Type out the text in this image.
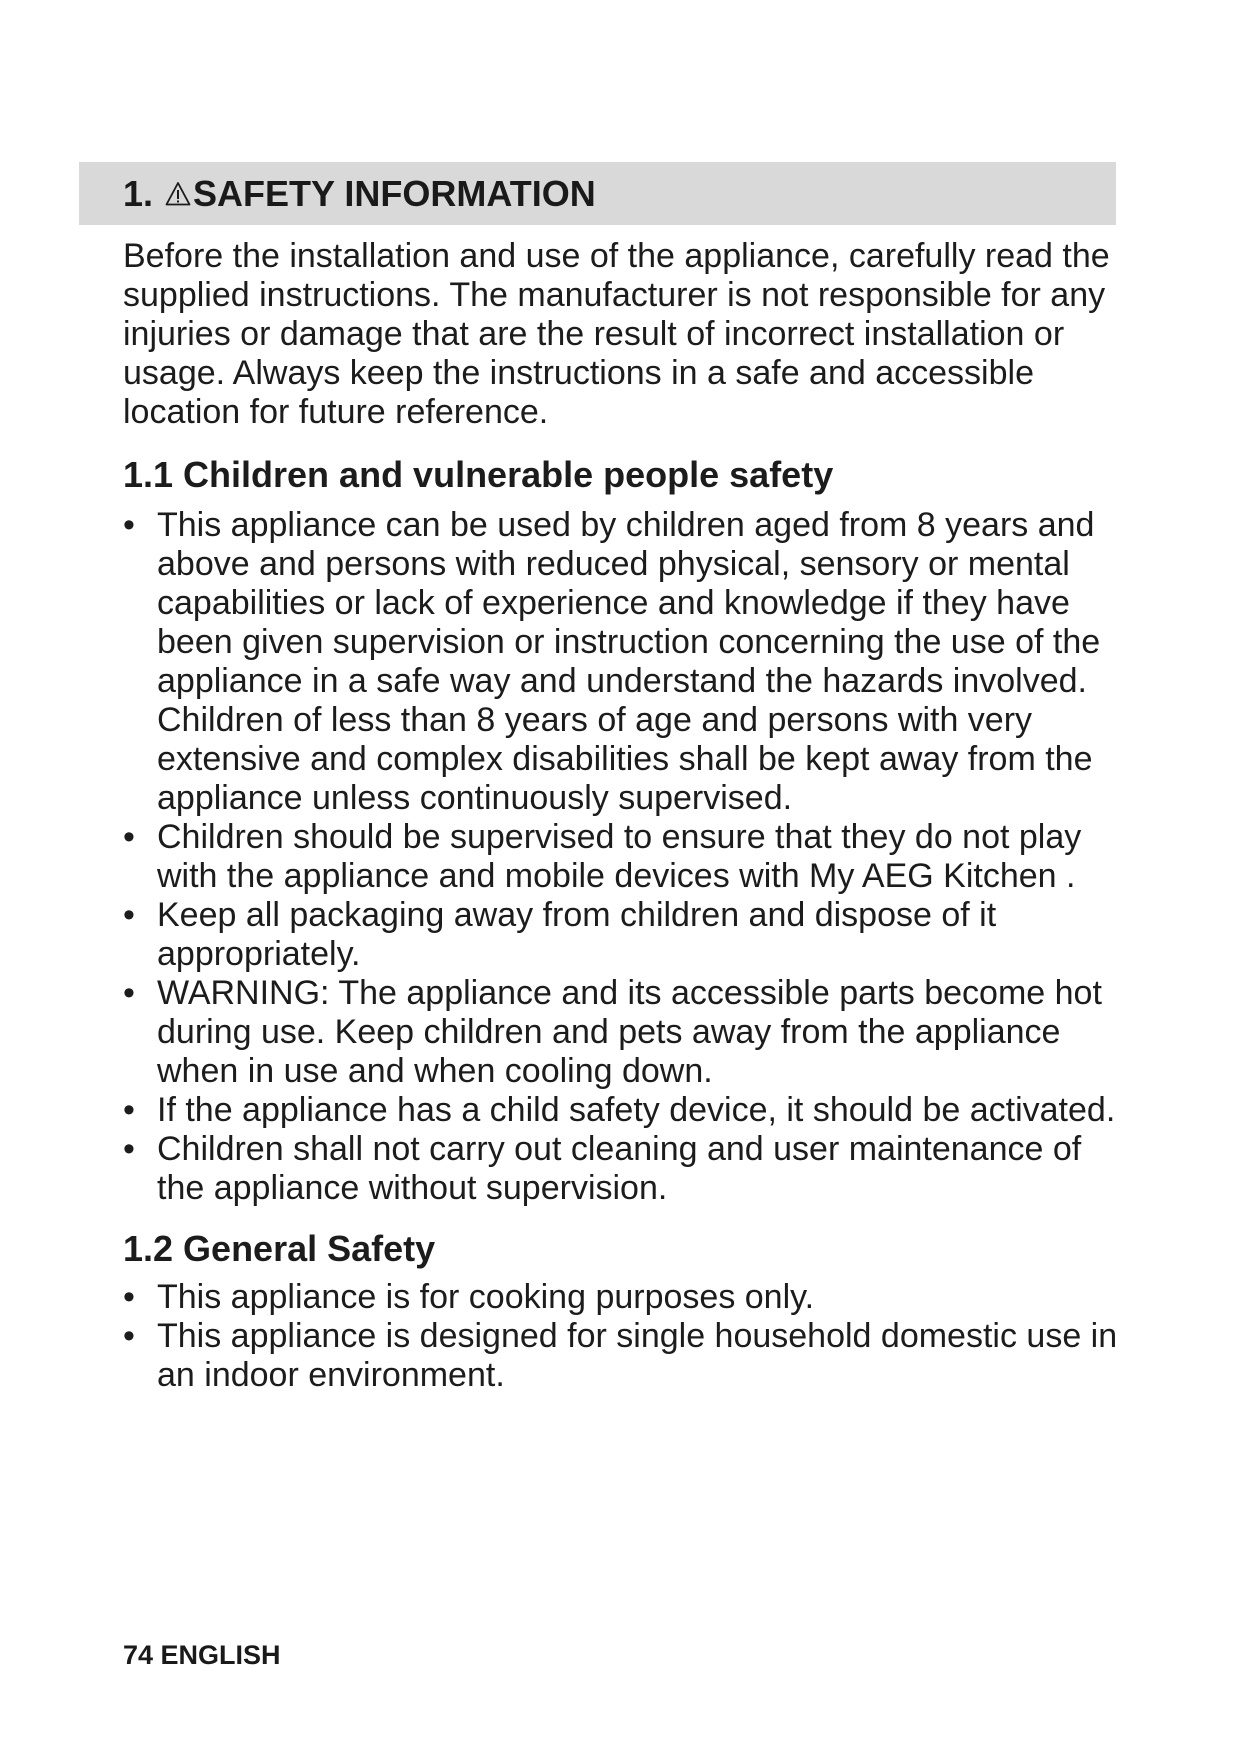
1. SAFETY INFORMATION

Before the installation and use of the appliance, carefully read the supplied instructions. The manufacturer is not responsible for any injuries or damage that are the result of incorrect installation or usage. Always keep the instructions in a safe and accessible location for future reference.

1.1 Children and vulnerable people safety
• This appliance can be used by children aged from 8 years and above and persons with reduced physical, sensory or mental capabilities or lack of experience and knowledge if they have been given supervision or instruction concerning the use of the appliance in a safe way and understand the hazards involved. Children of less than 8 years of age and persons with very extensive and complex disabilities shall be kept away from the appliance unless continuously supervised.
• Children should be supervised to ensure that they do not play with the appliance and mobile devices with My AEG Kitchen .
• Keep all packaging away from children and dispose of it appropriately.
• WARNING: The appliance and its accessible parts become hot during use. Keep children and pets away from the appliance when in use and when cooling down.
• If the appliance has a child safety device, it should be activated.
• Children shall not carry out cleaning and user maintenance of the appliance without supervision.
1.2 General Safety
• This appliance is for cooking purposes only.
• This appliance is designed for single household domestic use in an indoor environment.
74 ENGLISH
